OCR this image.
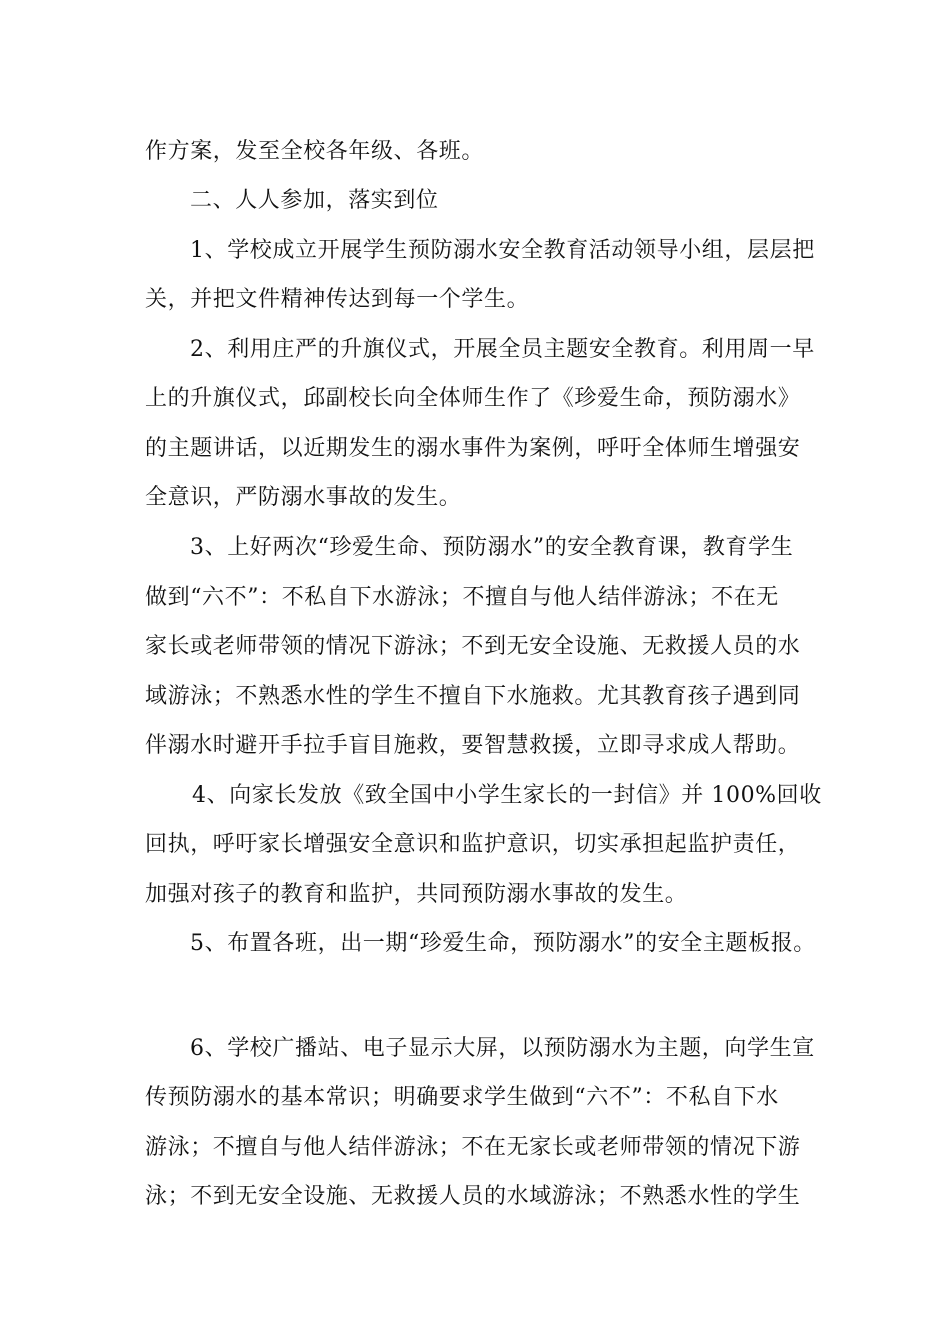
作方案，发至全校各年级、各班。
二、人人参加，落实到位
1、学校成立开展学生预防溺水安全教育活动领导小组，层层把
关，并把文件精神传达到每一个学生。
2、利用庄严的升旗仪式，开展全员主题安全教育。利用周一早
上的升旗仪式，邱副校长向全体师生作了《珍爱生命，预防溺水》
的主题讲话，以近期发生的溺水事件为案例，呼吁全体师生增强安
全意识，严防溺水事故的发生。
3、上好两次“珍爱生命、预防溺水”的安全教育课，教育学生
做到“六不”：不私自下水游泳；不擅自与他人结伴游泳；不在无
家长或老师带领的情况下游泳；不到无安全设施、无救援人员的水
域游泳；不熟悉水性的学生不擅自下水施救。尤其教育孩子遇到同
伴溺水时避开手拉手盲目施救，要智慧救援，立即寻求成人帮助。
4、向家长发放《致全国中小学生家长的一封信》并 100%回收
回执，呼吁家长增强安全意识和监护意识，切实承担起监护责任，
加强对孩子的教育和监护，共同预防溺水事故的发生。
5、布置各班，出一期“珍爱生命，预防溺水”的安全主题板报。
6、学校广播站、电子显示大屏，以预防溺水为主题，向学生宣
传预防溺水的基本常识；明确要求学生做到“六不”：不私自下水
游泳；不擅自与他人结伴游泳；不在无家长或老师带领的情况下游
泳；不到无安全设施、无救援人员的水域游泳；不熟悉水性的学生
